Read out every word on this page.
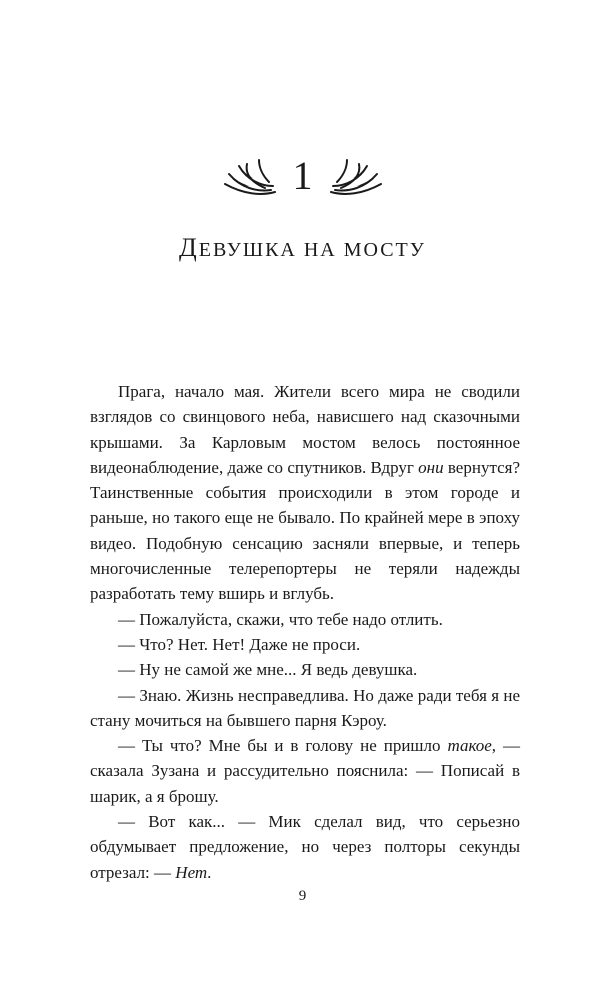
1
ДЕВУШКА НА МОСТУ

Прага, начало мая. Жители всего мира не сводили взглядов со свинцового неба, нависшего над сказочными крышами. За Карловым мостом велось постоянное видеонаблюдение, даже со спутников. Вдруг они вернутся? Таинственные события происходили в этом городе и раньше, но такого еще не бывало. По крайней мере в эпоху видео. Подобную сенсацию засняли впервые, и теперь многочисленные телерепортеры не теряли надежды разработать тему вширь и вглубь.

— Пожалуйста, скажи, что тебе надо отлить.

— Что? Нет. Нет! Даже не проси.

— Ну не самой же мне... Я ведь девушка.

— Знаю. Жизнь несправедлива. Но даже ради тебя я не стану мочиться на бывшего парня Кэроу.

— Ты что? Мне бы и в голову не пришло такое, — сказала Зузана и рассудительно пояснила: — Пописай в шарик, а я брошу.

— Вот как... — Мик сделал вид, что серьезно обдумывает предложение, но через полторы секунды отрезал: — Нет.

9
